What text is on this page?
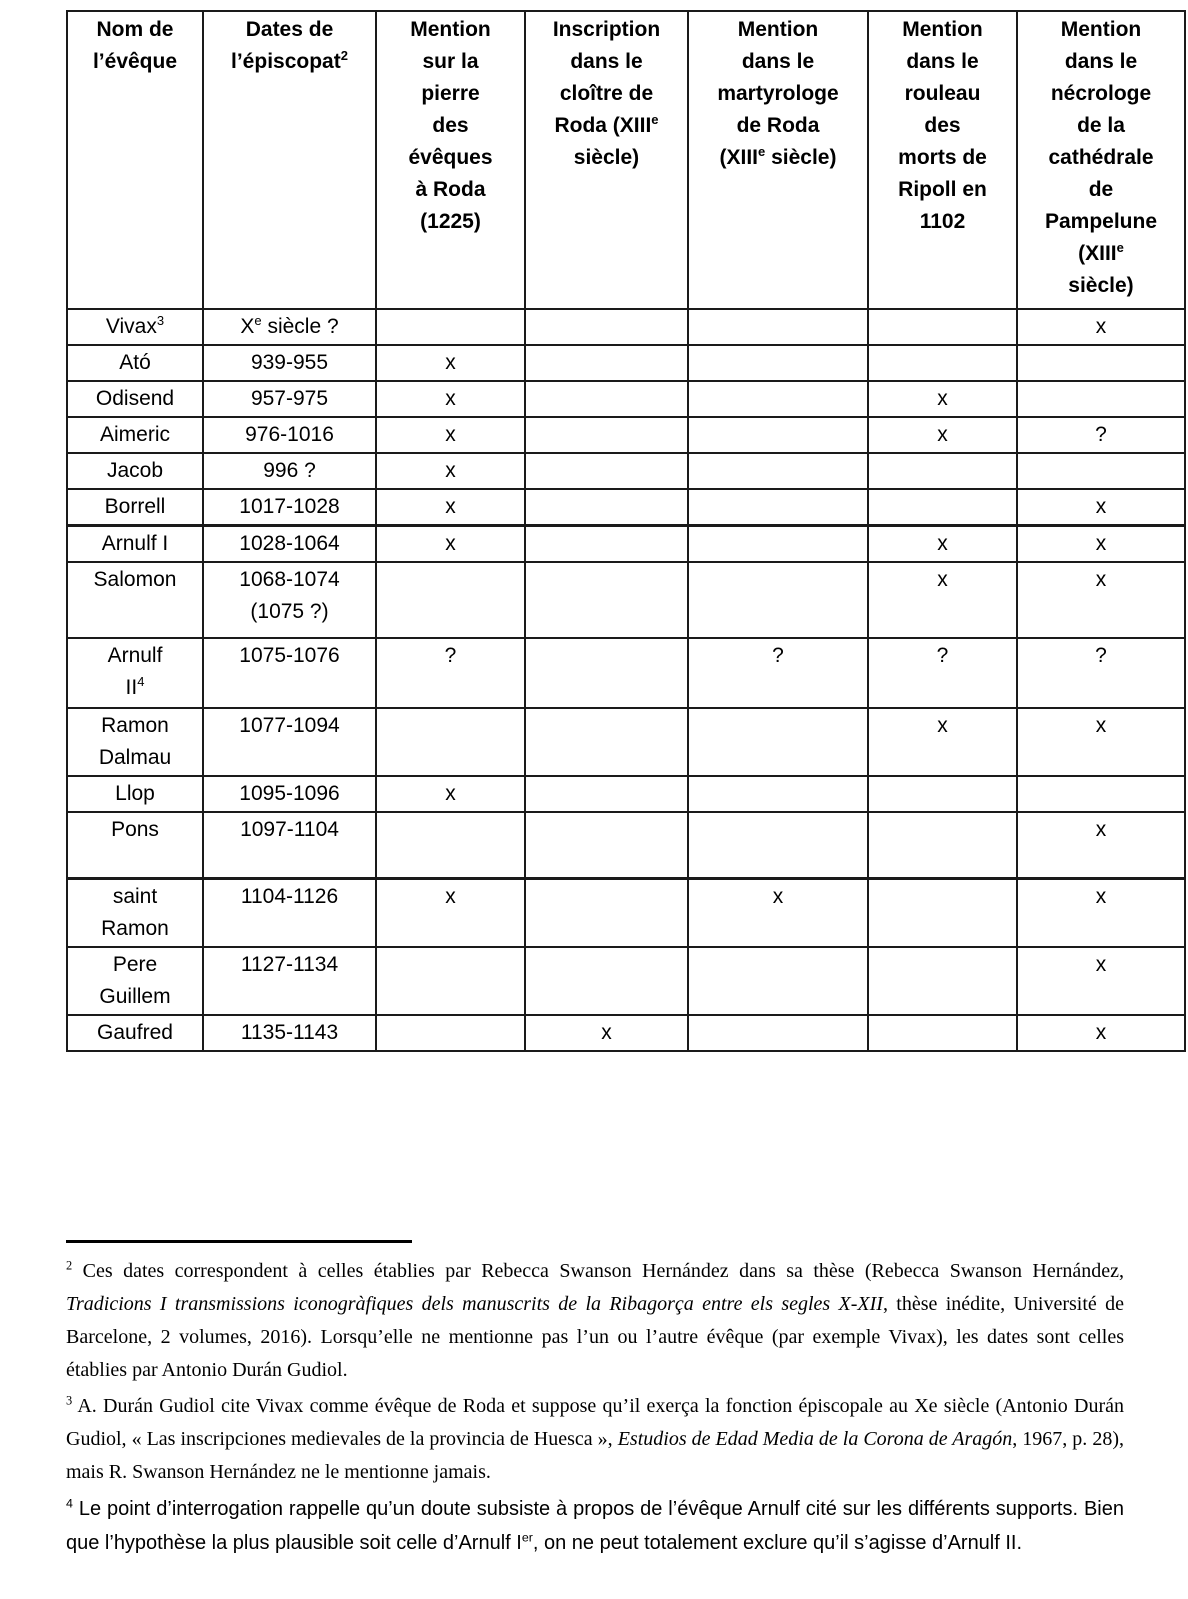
Nom de
l’évêque	Dates de
l’épiscopat$^2$	Mention
sur la
pierre
des
évêques
à Roda
(1225)	Inscription
dans le
cloître de
Roda (XIIIe
siècle)	Mention
dans le
martyrologe
de Roda
(XIIIe siècle)	Mention
dans le
rouleau
des
morts de
Ripoll en
1102	Mention
dans le
nécrologe
de la
cathédrale
de
Pampelune
(XIIIe
siècle)
Vivax$^3$	Xe siècle ?					x
Ató	939-955	x				
Odisend	957-975	x			x	
Aimeric	976-1016	x			x	?
Jacob	996 ?	x				
Borrell	1017-1028	x				x
Arnulf I	1028-1064	x			x	x
Salomon	1068-1074
(1075 ?)				x	x
Arnulf
$II^4$	1075-1076	?		?	?	?
Ramon
Dalmau	1077-1094				x	x
Llop	1095-1096	x				
Pons	1097-1104					x
saint
Ramon	1104-1126	x		x		x
Pere
Guillem	1127-1134					x
Gaufred	1135-1143		x			x

$^2$ Ces dates correspondent à celles établies par Rebecca Swanson Hernández dans sa thèse (Rebecca Swanson Hernández, Tradicions I transmissions iconogràfiques dels manuscrits de la Ribagorça entre els segles X-XII, thèse inédite, Université de Barcelone, 2 volumes, 2016). Lorsqu’elle ne mentionne pas l’un ou l’autre évêque (par exemple Vivax), les dates sont celles établies par Antonio Durán Gudiol.

$^3$ A. Durán Gudiol cite Vivax comme évêque de Roda et suppose qu’il exerça la fonction épiscopale au Xe siècle (Antonio Durán Gudiol, « Las inscripciones medievales de la provincia de Huesca », Estudios de Edad Media de la Corona de Aragón, 1967, p. 28), mais R. Swanson Hernández ne le mentionne jamais.

$^4$ Le point d’interrogation rappelle qu’un doute subsiste à propos de l’évêque Arnulf cité sur les différents supports. Bien que l’hypothèse la plus plausible soit celle d’Arnulf Ier, on ne peut totalement exclure qu’il s’agisse d’Arnulf II.
